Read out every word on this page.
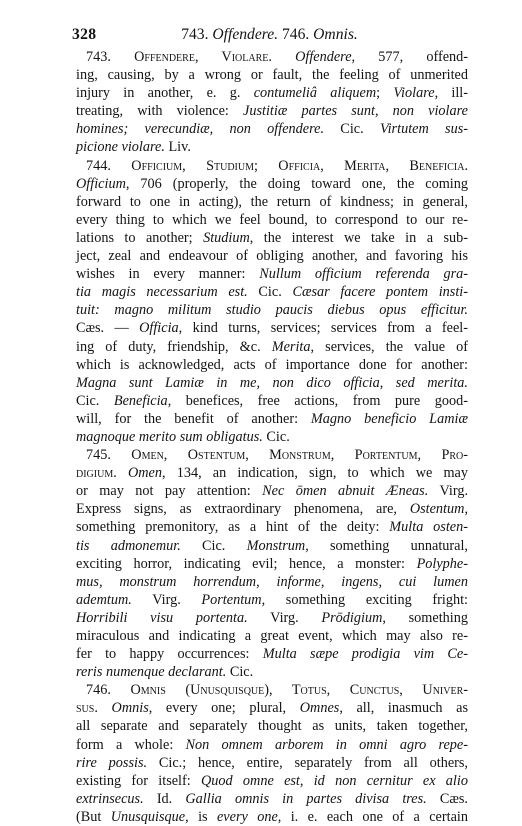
328	743. Offendere. 746. Omnis.
743. Offendere, Violare. Offendere, 577, offend-
ing, causing, by a wrong or fault, the feeling of unmerited
injury in another, e. g. contumeliâ aliquem; Violare, ill-
treating, with violence: Justitiæ partes sunt, non violare
homines; verecundiæ, non offendere. Cic. Virtutem sus-
picione violare. Liv.
744. Officium, Studium; Officia, Merita, Beneficia.
Officium, 706 (properly, the doing toward one, the coming
forward to one in acting), the return of kindness; in general,
every thing to which we feel bound, to correspond to our re-
lations to another; Studium, the interest we take in a sub-
ject, zeal and endeavour of obliging another, and favoring his
wishes in every manner: Nullum officium referenda gra-
tia magis necessarium est. Cic. Cæsar facere pontem insti-
tuit: magno militum studio paucis diebus opus efficitur.
Cæs. — Officia, kind turns, services; services from a feel-
ing of duty, friendship, &c. Merita, services, the value of
which is acknowledged, acts of importance done for another:
Magna sunt Lamiæ in me, non dico officia, sed merita.
Cic. Beneficia, benefices, free actions, from pure good-
will, for the benefit of another: Magno beneficio Lamiæ
magnoque merito sum obligatus. Cic.
745. Omen, Ostentum, Monstrum, Portentum, Pro-
digium. Omen, 134, an indication, sign, to which we may
or may not pay attention: Nec ōmen abnuit Æneas. Virg.
Express signs, as extraordinary phenomena, are, Ostentum,
something premonitory, as a hint of the deity: Multa osten-
tis admonemur. Cic. Monstrum, something unnatural,
exciting horror, indicating evil; hence, a monster: Polyphe-
mus, monstrum horrendum, informe, ingens, cui lumen
ademtum. Virg. Portentum, something exciting fright:
Horribili visu portenta. Virg. Prōdigium, something
miraculous and indicating a great event, which may also re-
fer to happy occurrences: Multa sæpe prodigia vim Ce-
reris numenque declarant. Cic.
746. Omnis (Unusquisque), Totus, Cunctus, Univer-
sus. Omnis, every one; plural, Omnes, all, inasmuch as
all separate and separately thought as units, taken together,
form a whole: Non omnem arborem in omni agro repe-
rire possis. Cic.; hence, entire, separately from all others,
existing for itself: Quod omne est, id non cernitur ex alio
extrinsecus. Id. Gallia omnis in partes divisa tres. Cæs.
(But Unusquisque, is every one, i. e. each one of a certain
